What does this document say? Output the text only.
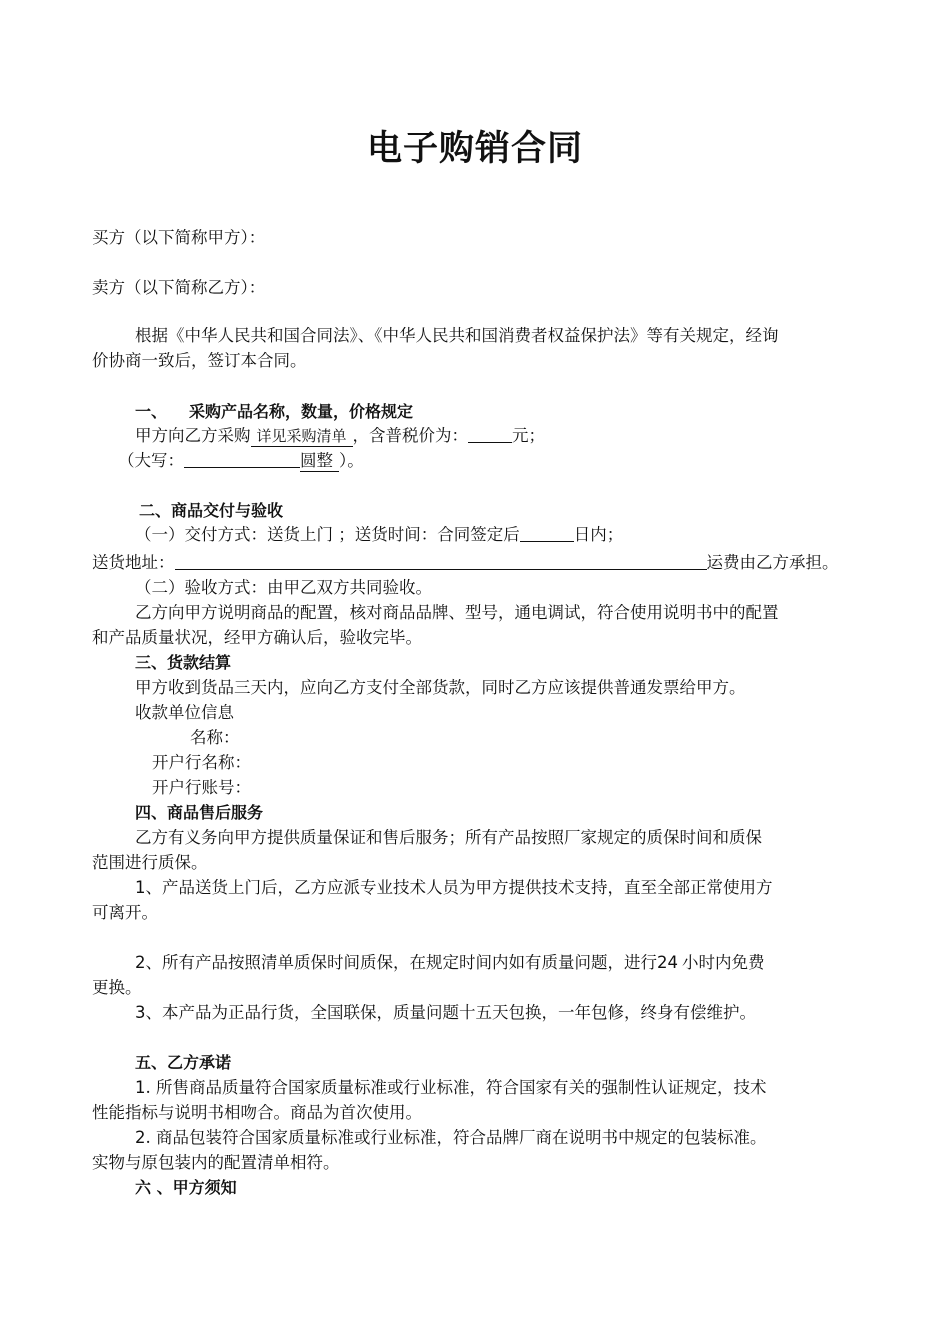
电子购销合同
买方（以下简称甲方）：
卖方（以下简称乙方）：
根据《中华人民共和国合同法》、《中华人民共和国消费者权益保护法》等有关规定，经询
价协商一致后，签订本合同。
一、 采购产品名称，数量，价格规定
甲方向乙方采购 详见采购清单 ，含普税价为：	元；
（大写：	圆整 ）。
二、商品交付与验收
（一）交付方式：送货上门 ；送货时间：合同签定后	日内；
送货地址：	运费由乙方承担。
（二）验收方式：由甲乙双方共同验收。
乙方向甲方说明商品的配置，核对商品品牌、型号，通电调试，符合使用说明书中的配置
和产品质量状况，经甲方确认后，验收完毕。
三、货款结算
甲方收到货品三天内，应向乙方支付全部货款，同时乙方应该提供普通发票给甲方。
收款单位信息
名称：
开户行名称：
开户行账号：
四、商品售后服务
乙方有义务向甲方提供质量保证和售后服务；所有产品按照厂家规定的质保时间和质保
范围进行质保。
1、产品送货上门后，乙方应派专业技术人员为甲方提供技术支持，直至全部正常使用方
可离开。
2、所有产品按照清单质保时间质保，在规定时间内如有质量问题，进行24 小时内免费
更换。
3、本产品为正品行货，全国联保，质量问题十五天包换，一年包修，终身有偿维护。
五、乙方承诺
1. 所售商品质量符合国家质量标准或行业标准，符合国家有关的强制性认证规定，技术
性能指标与说明书相吻合。商品为首次使用。
2. 商品包装符合国家质量标准或行业标准，符合品牌厂商在说明书中规定的包装标准。
实物与原包装内的配置清单相符。
六 、甲方须知
